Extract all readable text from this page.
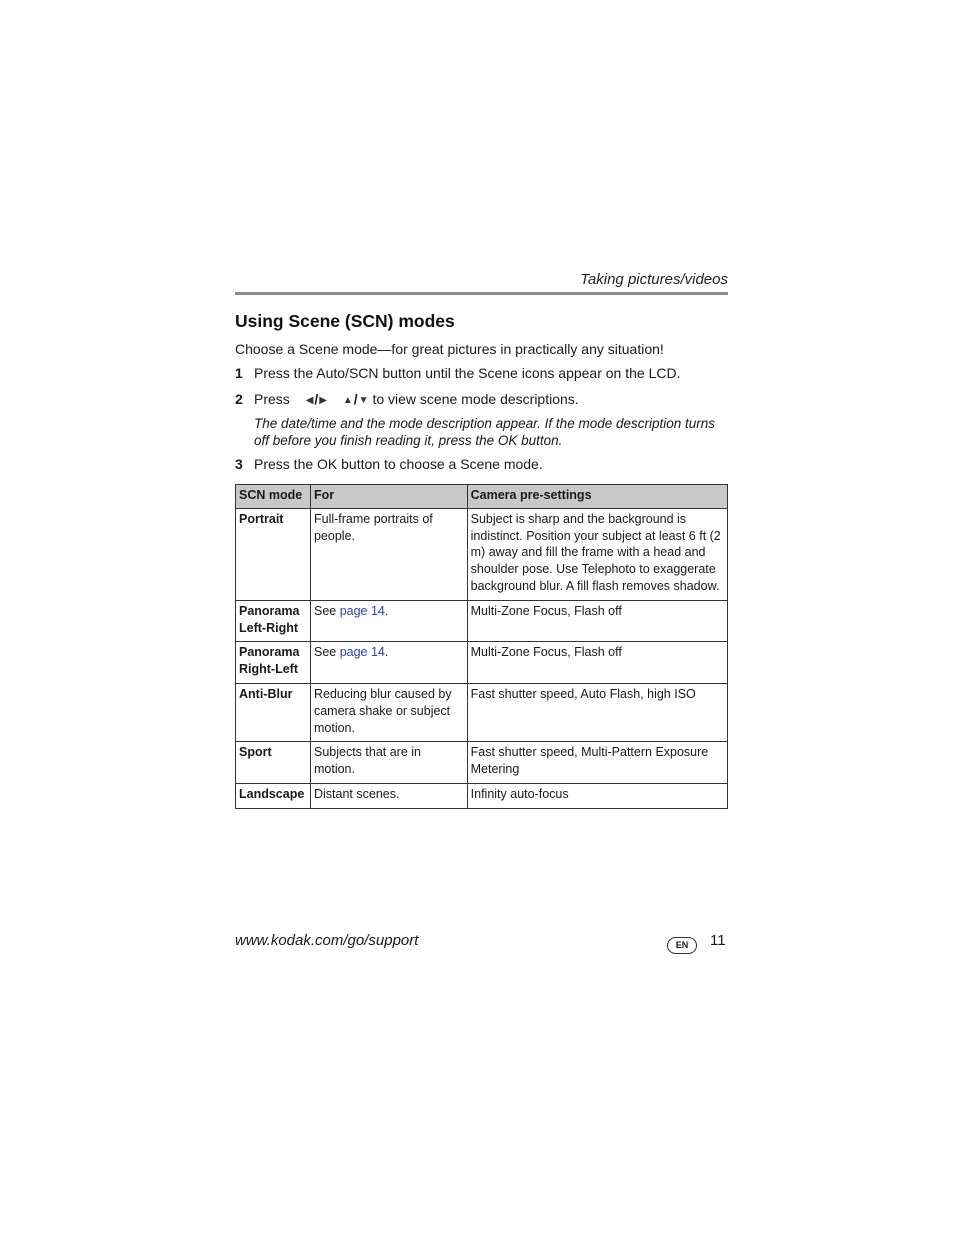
Taking pictures/videos
Using Scene (SCN) modes
Choose a Scene mode—for great pictures in practically any situation!
1 Press the Auto/SCN button until the Scene icons appear on the LCD.
2 Press ◀/▶ ▲/▼ to view scene mode descriptions.
The date/time and the mode description appear. If the mode description turns off before you finish reading it, press the OK button.
3 Press the OK button to choose a Scene mode.
SCN mode	For	Camera pre-settings
Portrait	Full-frame portraits of people.	Subject is sharp and the background is indistinct. Position your subject at least 6 ft (2 m) away and fill the frame with a head and shoulder pose. Use Telephoto to exaggerate background blur. A fill flash removes shadow.
Panorama
Left-Right	See page 14.	Multi-Zone Focus, Flash off
Panorama
Right-Left	See page 14.	Multi-Zone Focus, Flash off
Anti-Blur	Reducing blur caused by camera shake or subject motion.	Fast shutter speed, Auto Flash, high ISO
Sport	Subjects that are in motion.	Fast shutter speed, Multi-Pattern Exposure Metering
Landscape	Distant scenes.	Infinity auto-focus
www.kodak.com/go/support	EN	11
